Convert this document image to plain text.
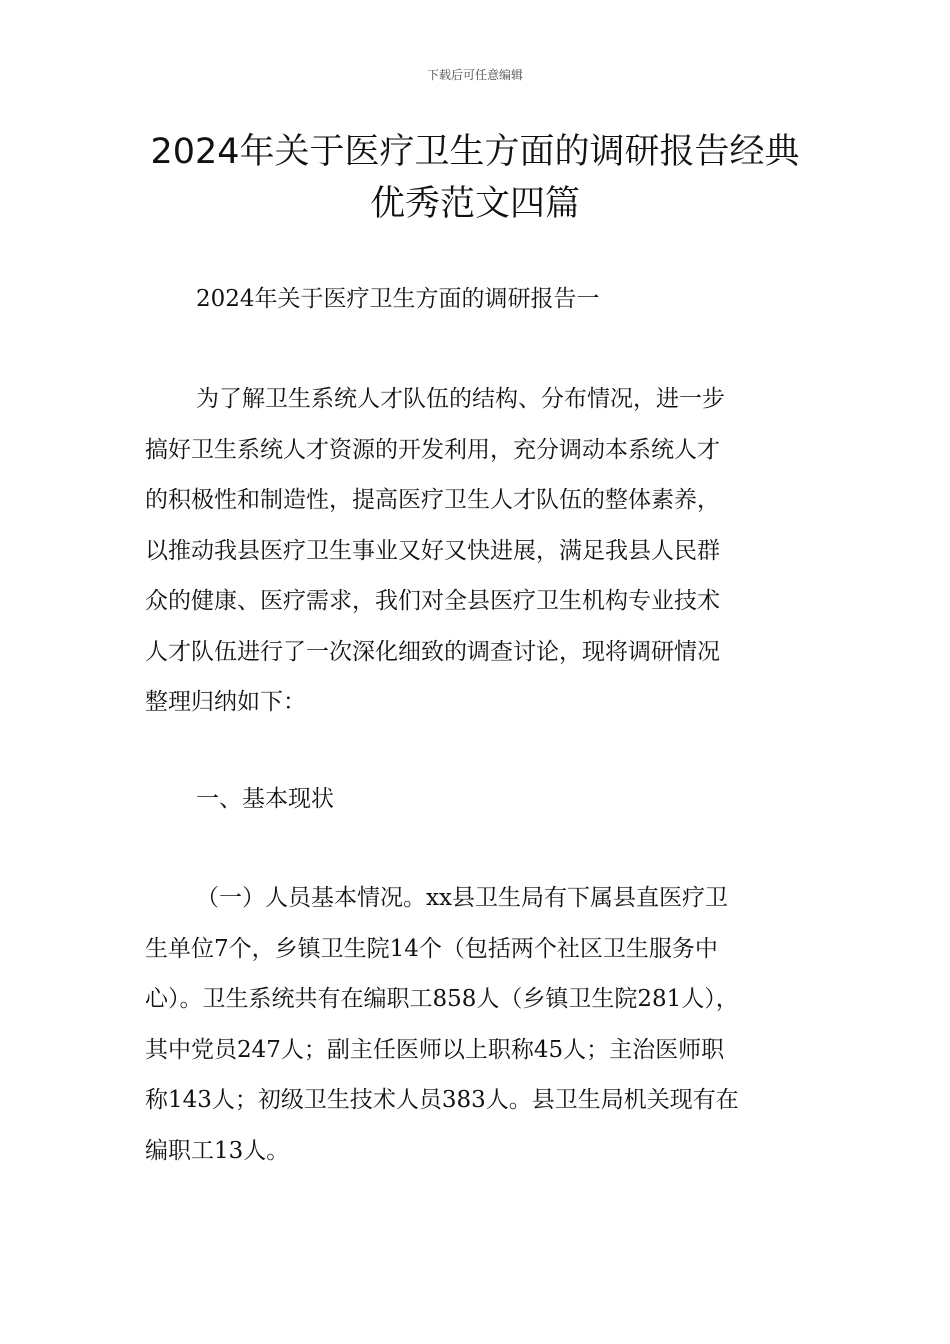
下载后可任意编辑
2024年关于医疗卫生方面的调研报告经典
优秀范文四篇

2024年关于医疗卫生方面的调研报告一

为了解卫生系统人才队伍的结构、分布情况，进一步
搞好卫生系统人才资源的开发利用，充分调动本系统人才
的积极性和制造性，提高医疗卫生人才队伍的整体素养，
以推动我县医疗卫生事业又好又快进展，满足我县人民群
众的健康、医疗需求，我们对全县医疗卫生机构专业技术
人才队伍进行了一次深化细致的调查讨论，现将调研情况
整理归纳如下：

一、基本现状

（一）人员基本情况。xx县卫生局有下属县直医疗卫
生单位7个，乡镇卫生院14个（包括两个社区卫生服务中
心）。卫生系统共有在编职工858人（乡镇卫生院281人），
其中党员247人；副主任医师以上职称45人；主治医师职
称143人；初级卫生技术人员383人。县卫生局机关现有在
编职工13人。
